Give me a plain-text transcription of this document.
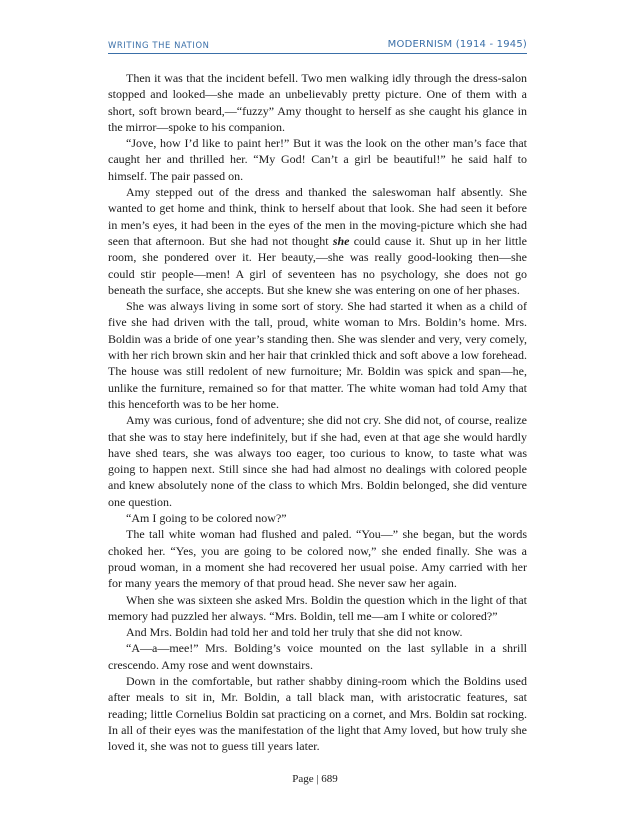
WRITING THE NATION	MODERNISM (1914 - 1945)

Then it was that the incident befell. Two men walking idly through the dress-salon stopped and looked—she made an unbelievably pretty picture. One of them with a short, soft brown beard,—“fuzzy” Amy thought to herself as she caught his glance in the mirror—spoke to his companion.

“Jove, how I’d like to paint her!” But it was the look on the other man’s face that caught her and thrilled her. “My God! Can’t a girl be beautiful!” he said half to himself. The pair passed on.

Amy stepped out of the dress and thanked the saleswoman half absently. She wanted to get home and think, think to herself about that look. She had seen it before in men’s eyes, it had been in the eyes of the men in the moving-picture which she had seen that afternoon. But she had not thought she could cause it. Shut up in her little room, she pondered over it. Her beauty,—she was really good-looking then—she could stir people—men! A girl of seventeen has no psychology, she does not go beneath the surface, she accepts. But she knew she was entering on one of her phases.

She was always living in some sort of story. She had started it when as a child of five she had driven with the tall, proud, white woman to Mrs. Boldin’s home. Mrs. Boldin was a bride of one year’s standing then. She was slender and very, very comely, with her rich brown skin and her hair that crinkled thick and soft above a low forehead. The house was still redolent of new furnoiture; Mr. Boldin was spick and span—he, unlike the furniture, remained so for that matter. The white woman had told Amy that this henceforth was to be her home.

Amy was curious, fond of adventure; she did not cry. She did not, of course, realize that she was to stay here indefinitely, but if she had, even at that age she would hardly have shed tears, she was always too eager, too curious to know, to taste what was going to happen next. Still since she had had almost no dealings with colored people and knew absolutely none of the class to which Mrs. Boldin belonged, she did venture one question.

“Am I going to be colored now?”

The tall white woman had flushed and paled. “You—” she began, but the words choked her. “Yes, you are going to be colored now,” she ended finally. She was a proud woman, in a moment she had recovered her usual poise. Amy carried with her for many years the memory of that proud head. She never saw her again.

When she was sixteen she asked Mrs. Boldin the question which in the light of that memory had puzzled her always. “Mrs. Boldin, tell me—am I white or colored?”

And Mrs. Boldin had told her and told her truly that she did not know.

“A—a—mee!” Mrs. Bolding’s voice mounted on the last syllable in a shrill crescendo. Amy rose and went downstairs.

Down in the comfortable, but rather shabby dining-room which the Boldins used after meals to sit in, Mr. Boldin, a tall black man, with aristocratic features, sat reading; little Cornelius Boldin sat practicing on a cornet, and Mrs. Boldin sat rocking. In all of their eyes was the manifestation of the light that Amy loved, but how truly she loved it, she was not to guess till years later.

Page | 689
